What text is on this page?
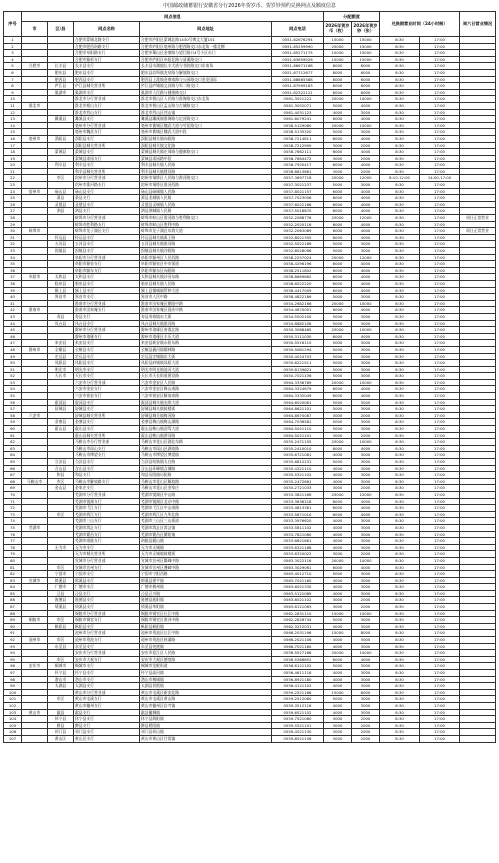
中国邮政储蓄银行安徽省分行2026年贺岁币、贺岁钞预约兑换网点及额度信息
序号	网点信息					分配额度		兑换期营业时间（24小时制）		周六日营业情况
	市	区/县	网点名称	网点地址	网点电话	2026年贺岁币（枚）	2026年贺岁钞（张）			
1			合肥市蒙城北路支行	合肥市庐阳区蒙城北路1430号博文大厦101	0551-62676294	15000	15000	8:30	17:00	
2			合肥市肥西南路支行	合肥市庐阳区亳州路与肥西路交口东北角一楼北侧	0551-65259990	25000	15000	8:30	17:00	
3			合肥市阜阳路支行	合肥市蜀山区金寨路与望江路口4号小区东门	0551-65271175	10000	15000	8:30	17:00	
4			合肥市銀杉支行	合肥市庐阳区阜阳北路与清溪路交口	0551-63659926	15000	15000	8:30	17:00	
5	合肥市	长丰县	长丰县支行	长丰县水湖镇长丰大道与书院路交口东南角	0551-66671168	8000	6000	8:30	17:00	
6		肥东县	肥东县支行	肥东县店埠镇龙泉路与解放路交口	0551-67712677	8000	6000	8:30	17:00	
7		肥西县	肥西县支行	肥西县上派镇金寨南路与公园路交口金龙国际	0551-68865588	8000	6000	8:30	17:00	
8		庐江县	庐江县城关营业所	庐江县庐城镇文昌路与军二路交口	0551-87999183	6000	6000	8:30	17:00	
9		巢湖市	巢湖市支行	巢湖市人民路与健康路交口	0551-82322121	8000	6000	8:30	17:00	
10			淮北市分行营业部	淮北市相山区人民路与淮海路交口东北角	0561-3021221	20000	10000	8:30	17:00	
11	淮北市		淮北市相山支行	淮北市相山区孟山路与古城路交口	0561-3052071	5000	4000	8:30	17:00	
12			淮北市烈山支行	淮北市烈山区烈山镇	0561-4031123	4000	3000	8:30	17:00	
13		濉溪县	濉溪县支行	濉溪县濉溪镇淮海路与沱河路交口	0561-6079241	6000	4000	8:30	17:00	
14			亳州市分行营业部	亳州市谯城区魏武大道与芍花路交口	0558-5129080	20000	10000	8:30	17:00	
15			亳州市魏武支行	亳州市谯城区魏武大道中段	0558-5135320	5000	3000	8:30	17:00	
16	亳州市	涡阳县	涡阳县支行	涡阳县城关镇向阳路	0558-7214811	6000	4000	8:30	17:00	
17			涡阳县城关营业所	涡阳县城关镇文化路	0558-7212990	3000	2000	8:30	17:00	
18		蒙城县	蒙城县支行	蒙城县城关镇庄周路与健康路交口	0558-7662111	6000	4000	8:30	17:00	
19			蒙城县漆园支行	蒙城县漆园路中段	0558-7664472	3000	2000	8:30	17:00	
20		利辛县	利辛县支行	利辛县城关镇人民路	0558-7920417	6000	4000	8:30	17:00	
21			利辛县城关营业所	利辛县城关镇建设路	0558-8813661	3000	2000	8:30	17:00	
22		市区	宿州市分行营业部	宿州市埇桥区人民路与淮河路交口	0557-3697718	20000	12000	8:10-12:00	14:00-17:00	
23			宿州市淮河路支行	宿州市埇桥区淮河西路	0557-3021237	5000	3000	8:30	17:00	
24	宿州市	砀山县	砀山县支行	砀山县砀城镇人民路	0557-8021157	6000	4000	8:30	17:00	
25		萧县	萧县支行	萧县龙城镇人民路	0557-7023006	6000	4000	8:30	17:00	
26		灵璧县	灵璧县支行	灵璧县灵城镇人民路	0557-6022166	6000	4000	8:30	17:00	
27		泗县	泗县支行	泗县泗城镇人民路	0557-5018670	6000	4000	8:30	17:00	
28			蚌埠市分行营业部	蚌埠市蚌山区淮河路与胜利路交口	0552-2088776	20000	12000	8:30	17:00	周日正常营业
29			蚌埠市胜利路支行	蚌埠市蚌山区胜利中路	0552-2020116	6000	4000	8:30	17:00	
30	蚌埠市		蚌埠市龙子湖区支行	蚌埠市龙子湖区东海大道	0552-2063089	6000	4000	8:30	17:00	周日正常营业
31		怀远县	怀远县支行	怀远县城关镇禹王路	0552-8021355	6000	4000	8:30	17:00	
32		五河县	五河县支行	五河县城关镇淮河路	0552-5022186	5000	3000	8:30	17:00	
33		固镇县	固镇县支行	固镇县城关镇谷阳路	0552-6028096	5000	3000	8:30	17:00	
34			阜阳市分行营业部	阜阳市颍州区人民西路	0558-2257024	20000	12000	8:30	17:00	
35			阜阳市颍泉支行	阜阳市颍泉区中市街道	0558-4296196	6000	4000	8:30	17:00	
36			阜阳市颍东支行	阜阳市颍东区向阳路	0558-2511802	6000	4000	8:30	17:00	
37	阜阳市	太和县	太和县支行	太和县城关镇沙河东路	0558-8669662	6000	4000	8:30	17:00	
38		临泉县	临泉县支行	临泉县城关镇人民路	0558-6522220	6000	4000	8:30	17:00	
39		颍上县	颍上县支行	颍上县慎城镇管仲大道	0558-4417009	6000	4000	8:30	17:00	
40		界首市	界首市支行	界首市人民中路	0558-4822186	5000	3000	8:30	17:00	
41			淮南市分行营业部	淮南市田家庵区朝阳中路	0554-2682166	20000	10000	8:30	17:00	
42	淮南市		淮南市田家庵支行	淮南市田家庵区国庆中路	0554-4670001	6000	4000	8:30	17:00	
43		寿县	寿县支行	寿县寿春镇东大街	0554-5502100	5000	3000	8:30	17:00	
44		凤台县	凤台县支行	凤台县城关镇淮河路	0554-8882108	5000	3000	8:30	17:00	
45			滁州市分行营业部	滁州市琅琊区南谯北路	0550-3088465	20000	10000	8:30	17:00	
46			滁州市琅琊支行	滁州市琅琊区丰乐大道	0550-3111030	6000	4000	8:30	17:00	
47		来安县	来安县支行	来安县新安镇永阳东路	0550-5516110	5000	3000	8:30	17:00	
48	滁州市	全椒县	全椒县支行	全椒县襄河镇儒林路	0550-5081294	5000	3000	8:30	17:00	
49		定远县	定远县支行	定远县定城镇东大街	0550-4024703	5000	3000	8:30	17:00	
50		凤阳县	凤阳县支行	凤阳县府城镇凤阳大道	0550-6221511	5000	3000	8:30	17:00	
51		明光市	明光市支行	明光市明光镇池河大道	0550-8139621	5000	3000	8:30	17:00	
52		天长市	天长市支行	天长市天长街道建设路	0550-7021136	5000	3000	8:30	17:00	
53			六安市分行营业部	六安市金安区人民路	0564-3336789	20000	10000	8:30	17:00	
54			六安市金安支行	六安市金安区梅山南路	0564-3324679	6000	4000	8:30	17:00	
55			六安市裕安支行	六安市裕安区解放南路	0564-3332049	6000	4000	8:30	17:00	
56		霍邱县	霍邱县支行	霍邱县城关镇光明大道	0564-6020061	5000	3000	8:30	17:00	
57		舒城县	舒城县支行	舒城县城关镇鼓楼街	0564-8621101	5000	3000	8:30	17:00	
58	六安市		舒城县城关营业所	舒城县城关镇梅河路	0564-8670087	3000	2000	8:30	17:00	
59		金寨县	金寨县支行	金寨县梅山镇梅山湖路	0564-7036581	5000	3000	8:30	17:00	
60		霍山县	霍山县支行	霍山县衡山镇迎驾大道	0564-5021110	5000	3000	8:30	17:00	
61			霍山县城关营业所	霍山县衡山镇淠河路	0564-5021101	3000	2000	8:30	17:00	
62			马鞍山市分行营业部	马鞍山市花山区湖北东路	0555-2471155	20000	10000	8:30	17:00	
63			马鞍山市雨山支行	马鞍山市雨山区湖南路	0555-2410010	6000	4000	8:30	17:00	
64			马鞍山市博望支行	马鞍山市博望区博望镇	0555-6721081	4000	3000	8:30	17:00	
65		当涂县	当涂县支行	当涂县姑孰镇太白路	0555-6812231	5000	3000	8:30	17:00	
66		含山县	含山县支行	含山县环峰镇含城路	0555-4321110	4000	3000	8:30	17:00	
67		和县	和县支行	和县历阳镇历阳路	0555-5321102	4000	3000	8:30	17:00	
68	马鞍山市	市区	马鞍山市解放路支行	马鞍山市花山区解放路	0555-2472661	4000	3000	8:30	17:00	
69		金山县	金家庄支行	马鞍山市花山区金家庄	0555-2721033	3000	2000	8:30	17:00	
70			芜湖市分行营业部	芜湖市镜湖区中山路	0553-3821166	25000	12000	8:30	17:00	
71			芜湖市镜湖支行	芜湖市镜湖区北京中路	0553-3836218	6000	4000	8:30	17:00	
72			芜湖市弋江支行	芜湖市弋江区中山南路	0553-4813361	6000	4000	8:30	17:00	
73		市区	芜湖市鸠江支行	芜湖市鸠江区九华北路	0553-5871010	6000	4000	8:30	17:00	
74			芜湖市三山支行	芜湖市三山区三山街道	0553-3976620	4000	3000	8:30	17:00	
75	芜湖市		芜湖市湾沚支行	芜湖市湾沚区湾沚镇	0553-5811102	4000	3000	8:30	17:00	
76			芜湖市繁昌支行	芜湖市繁昌区繁阳镇	0553-7821080	4000	3000	8:30	17:00	
77			芜湖市南陵支行	南陵县籍山镇	0553-6821661	4000	3000	8:30	17:00	
78		无为市	无为市支行	无为市无城镇	0553-6321188	4000	3000	8:30	17:00	
79			无为市城关营业所	无为市无城镇鼓楼街	0553-6320022	3000	2000	8:30	17:00	
80			宣城市分行营业部	宣城市宣州区鳌峰中路	0563-3022116	20000	10000	8:30	17:00	
81		市区	宣城市宣州支行	宣城市宣州区叠嶂中路	0563-3029061	6000	4000	8:30	17:00	
82		宁国市	宁国市支行	宁国市宁阳西路	0563-4012710	5000	3000	8:30	17:00	
83	宣城市	郎溪县	郎溪县支行	郎溪县建平镇	0563-7021180	4000	3000	8:30	17:00	
84		广德市	广德市支行	广德市桃州镇	0563-6021330	4000	3000	8:30	17:00	
85		泾县	泾县支行	泾县泾川镇	0563-5121089	4000	3000	8:30	17:00	
86		旌德县	旌德县支行	旌德县旌阳镇	0563-8021102	3000	2000	8:30	17:00	
87		绩溪县	绩溪县支行	绩溪县华阳镇	0563-8121063	3000	2000	8:30	17:00	
88			铜陵市分行营业部	铜陵市铜官区长江中路	0562-2831110	15000	10000	8:30	17:00	
89	铜陵市	市区	铜陵市铜官支行	铜陵市铜官区淮河中路	0562-2828744	5000	3000	8:30	17:00	
90		枞阳县	枞阳县支行	枞阳县枞阳镇	0562-3212031	4000	3000	8:30	17:00	
91			池州市分行营业部	池州市贵池区长江中路	0566-2031196	15000	8000	8:30	17:00	
92	池州市	市区	池州市贵池支行	池州市贵池区秋浦路	0566-2021106	4000	3000	8:30	17:00	
93		东至县	东至县支行	东至县尧渡镇	0566-7021180	4000	3000	8:30	17:00	
94			安庆市分行营业部	安庆市迎江区人民路	0556-5527166	20000	10000	8:30	17:00	
95		市区	安庆市大观支行	安庆市大观区德宽路	0556-5366652	6000	4000	8:30	17:00	
96	安庆市	桐城市	桐城市支行	桐城市龙眠街道	0556-6121102	5000	3000	8:30	17:00	
97		怀宁县	怀宁县支行	怀宁县高河镇	0556-4611116	4000	3000	8:30	17:00	
98		潜山市	潜山市支行	潜山市梅城镇	0556-8921180	4000	3000	8:30	17:00	
99		太湖县	太湖县支行	太湖县晋熙镇	0556-4121102	4000	3000	8:30	17:00	
100			黄山市分行营业部	黄山市屯溪区新安北路	0559-2521166	15000	8000	8:30	17:00	
101		市区	黄山市屯溪支行	黄山市屯溪区黄山路	0559-2512080	5000	3000	8:30	17:00	
102			黄山市徽州支行	黄山市徽州区岩寺镇	0559-3512116	4000	3000	8:30	17:00	
103	黄山市	歙县	歙县支行	歙县徽城镇	0559-6521102	4000	3000	8:30	17:00	
104		休宁县	休宁县支行	休宁县海阳镇	0559-7521080	3000	2000	8:30	17:00	
105		黟县	黟县支行	黟县碧阳镇	0559-5521101	3000	2000	8:30	17:00	
106		祁门县	祁门县支行	祁门县祁山镇	0559-4521130	3000	2000	8:30	17:00	
107		黄山区	黄山区支行	黄山市黄山区甘棠镇	0559-8521106	3000	2000	8:30	17:00	
